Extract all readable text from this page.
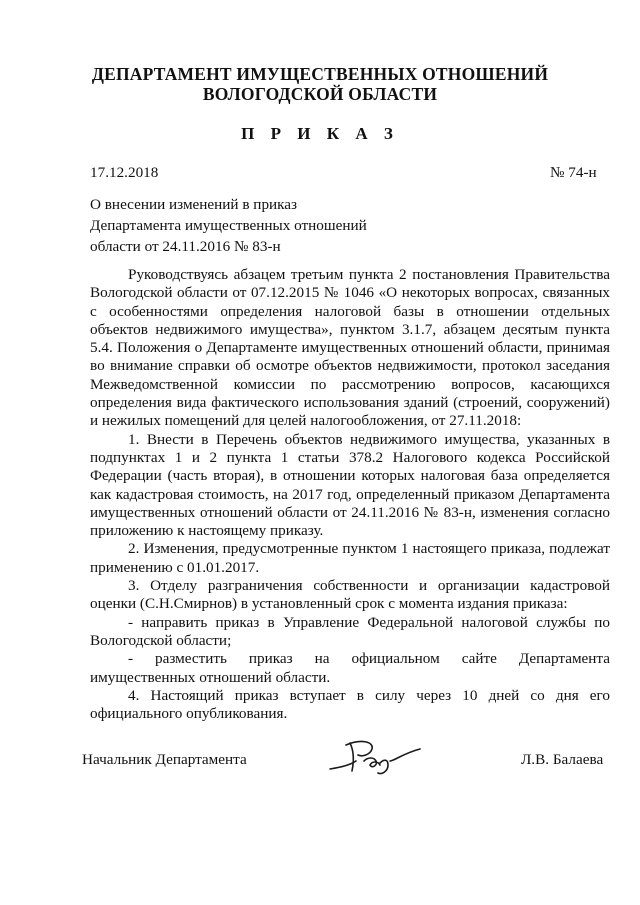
ДЕПАРТАМЕНТ ИМУЩЕСТВЕННЫХ ОТНОШЕНИЙ
ВОЛОГОДСКОЙ ОБЛАСТИ
П Р И К А З
17.12.2018	№ 74-н
О внесении изменений в приказ
Департамента имущественных отношений
области от 24.11.2016 № 83-н

Руководствуясь абзацем третьим пункта 2 постановления Правительства Вологодской области от 07.12.2015 № 1046 «О некоторых вопросах, связанных с особенностями определения налоговой базы в отношении отдельных объектов недвижимого имущества», пунктом 3.1.7, абзацем десятым пункта 5.4. Положения о Департаменте имущественных отношений области, принимая во внимание справки об осмотре объектов недвижимости, протокол заседания Межведомственной комиссии по рассмотрению вопросов, касающихся определения вида фактического использования зданий (строений, сооружений) и нежилых помещений для целей налогообложения, от 27.11.2018:

1. Внести в Перечень объектов недвижимого имущества, указанных в подпунктах 1 и 2 пункта 1 статьи 378.2 Налогового кодекса Российской Федерации (часть вторая), в отношении которых налоговая база определяется как кадастровая стоимость, на 2017 год, определенный приказом Департамента имущественных отношений области от 24.11.2016 № 83-н, изменения согласно приложению к настоящему приказу.

2. Изменения, предусмотренные пунктом 1 настоящего приказа, подлежат применению с 01.01.2017.

3. Отделу разграничения собственности и организации кадастровой оценки (С.Н.Смирнов) в установленный срок с момента издания приказа:

- направить приказ в Управление Федеральной налоговой службы по Вологодской области;

- разместить приказ на официальном сайте Департамента имущественных отношений области.

4. Настоящий приказ вступает в силу через 10 дней со дня его официального опубликования.

Начальник Департамента	Л.В. Балаева
